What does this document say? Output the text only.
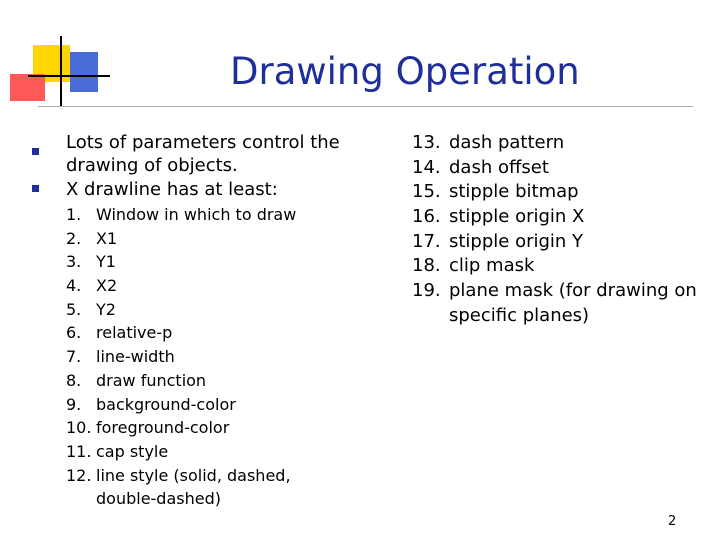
Drawing Operation
Lots of parameters control the drawing of objects.
X drawline has at least:
1. Window in which to draw
2. X1
3. Y1
4. X2
5. Y2
6. relative-p
7. line-width
8. draw function
9. background-color
10. foreground-color
11. cap style
12. line style (solid, dashed, double-dashed)
13. dash pattern
14. dash offset
15. stipple bitmap
16. stipple origin X
17. stipple origin Y
18. clip mask
19. plane mask (for drawing on specific planes)
2
